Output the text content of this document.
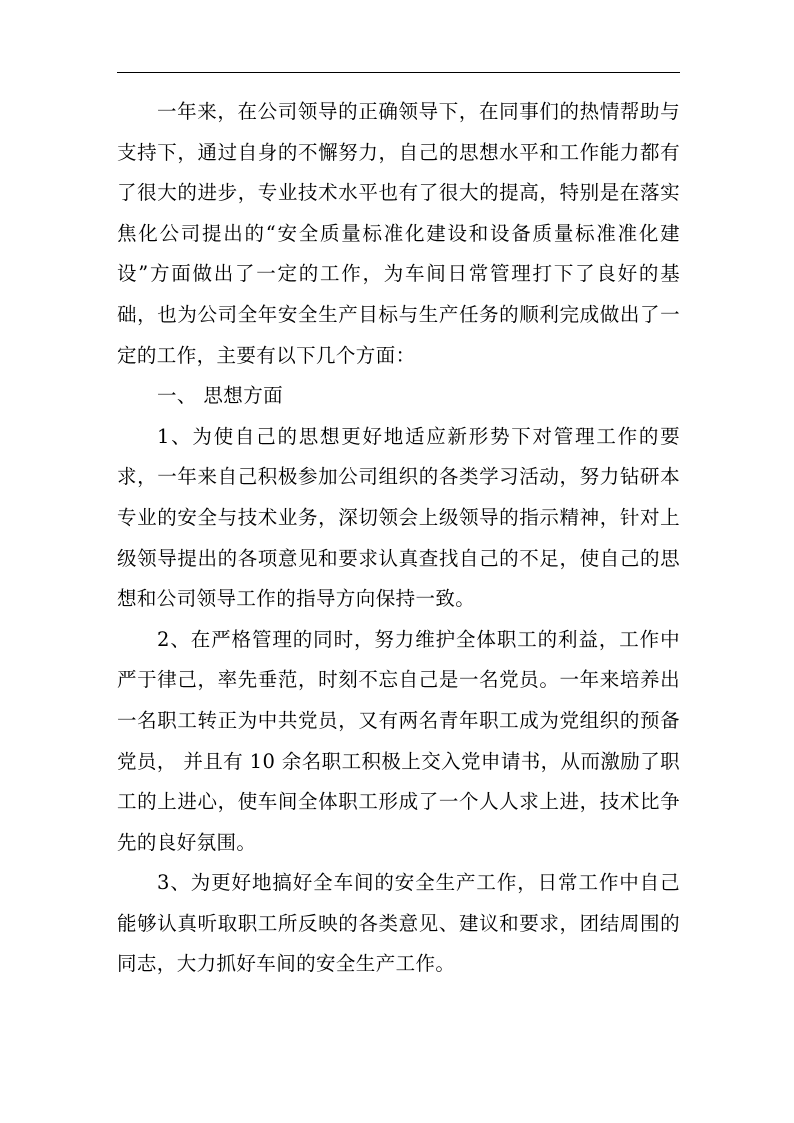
一年来，在公司领导的正确领导下，在同事们的热情帮助与支持下，通过自身的不懈努力，自己的思想水平和工作能力都有了很大的进步，专业技术水平也有了很大的提高，特别是在落实焦化公司提出的“安全质量标准化建设和设备质量标准准化建设”方面做出了一定的工作，为车间日常管理打下了良好的基础，也为公司全年安全生产目标与生产任务的顺利完成做出了一定的工作，主要有以下几个方面：

一、 思想方面

1、为使自己的思想更好地适应新形势下对管理工作的要求，一年来自己积极参加公司组织的各类学习活动，努力钻研本专业的安全与技术业务，深切领会上级领导的指示精神，针对上级领导提出的各项意见和要求认真查找自己的不足，使自己的思想和公司领导工作的指导方向保持一致。

2、在严格管理的同时，努力维护全体职工的利益，工作中严于律己，率先垂范，时刻不忘自己是一名党员。一年来培养出一名职工转正为中共党员，又有两名青年职工成为党组织的预备党员， 并且有 10 余名职工积极上交入党申请书，从而激励了职工的上进心，使车间全体职工形成了一个人人求上进，技术比争先的良好氛围。

3、为更好地搞好全车间的安全生产工作，日常工作中自己能够认真听取职工所反映的各类意见、建议和要求，团结周围的同志，大力抓好车间的安全生产工作。
